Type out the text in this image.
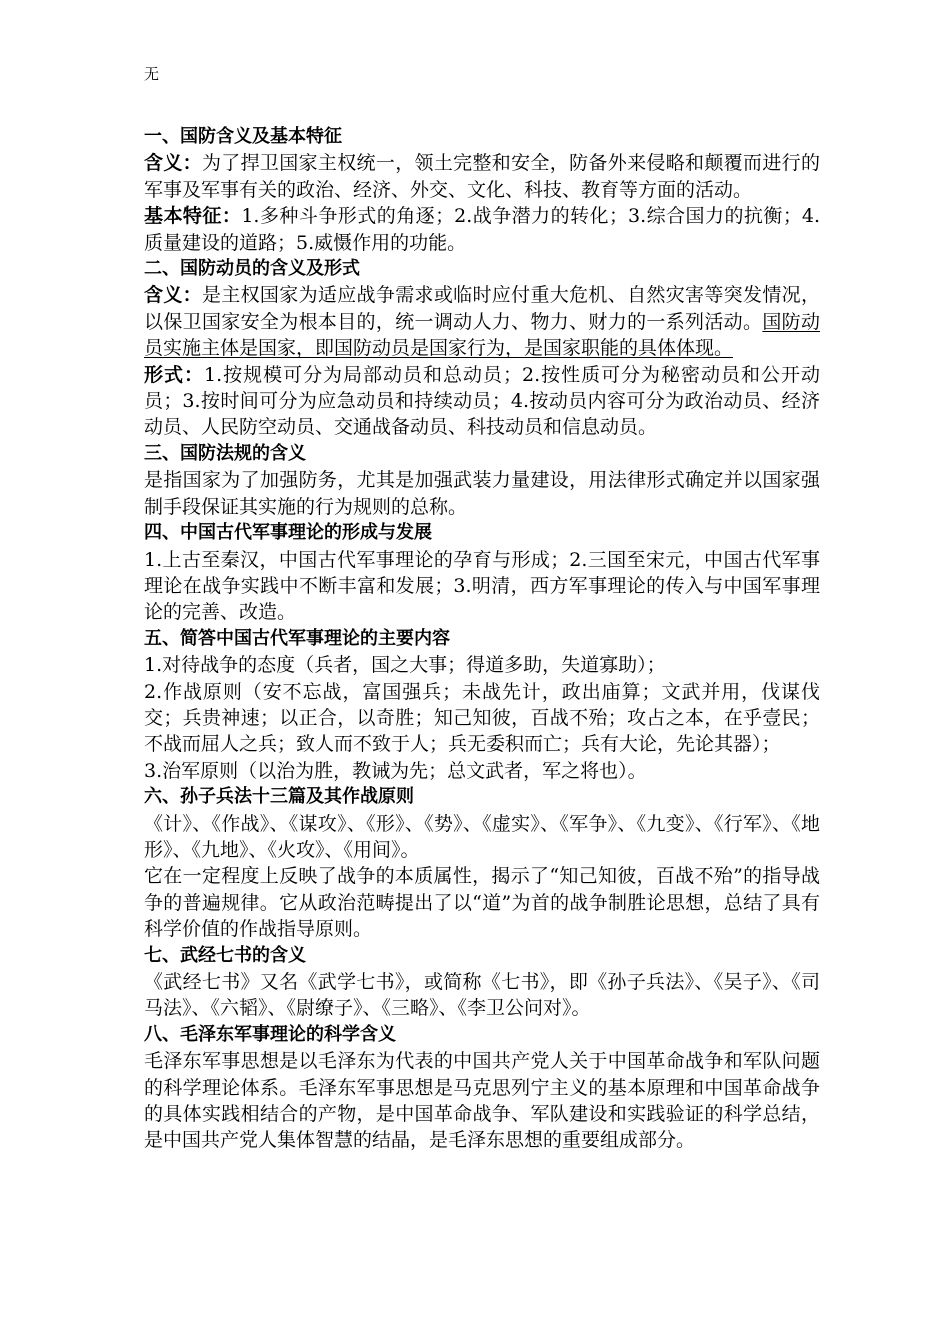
无
一、国防含义及基本特征

含义：为了捍卫国家主权统一，领土完整和安全，防备外来侵略和颠覆而进行的军事及军事有关的政治、经济、外交、文化、科技、教育等方面的活动。

基本特征：1.多种斗争形式的角逐；2.战争潜力的转化；3.综合国力的抗衡；4.质量建设的道路；5.威慑作用的功能。

二、国防动员的含义及形式

含义：是主权国家为适应战争需求或临时应付重大危机、自然灾害等突发情况，以保卫国家安全为根本目的，统一调动人力、物力、财力的一系列活动。国防动员实施主体是国家，即国防动员是国家行为，是国家职能的具体体现。

形式：1.按规模可分为局部动员和总动员；2.按性质可分为秘密动员和公开动员；3.按时间可分为应急动员和持续动员；4.按动员内容可分为政治动员、经济动员、人民防空动员、交通战备动员、科技动员和信息动员。

三、国防法规的含义

是指国家为了加强防务，尤其是加强武装力量建设，用法律形式确定并以国家强制手段保证其实施的行为规则的总称。

四、中国古代军事理论的形成与发展

1.上古至秦汉，中国古代军事理论的孕育与形成；2.三国至宋元，中国古代军事理论在战争实践中不断丰富和发展；3.明清，西方军事理论的传入与中国军事理论的完善、改造。

五、简答中国古代军事理论的主要内容

1.对待战争的态度（兵者，国之大事；得道多助，失道寡助）；

2.作战原则（安不忘战，富国强兵；未战先计，政出庙算；文武并用，伐谋伐交；兵贵神速；以正合，以奇胜；知己知彼，百战不殆；攻占之本，在乎壹民；不战而屈人之兵；致人而不致于人；兵无委积而亡；兵有大论，先论其器）；

3.治军原则（以治为胜，教诫为先；总文武者，军之将也）。

六、孙子兵法十三篇及其作战原则

《计》、《作战》、《谋攻》、《形》、《势》、《虚实》、《军争》、《九变》、《行军》、《地形》、《九地》、《火攻》、《用间》。

它在一定程度上反映了战争的本质属性，揭示了“知己知彼，百战不殆”的指导战争的普遍规律。它从政治范畴提出了以“道”为首的战争制胜论思想，总结了具有科学价值的作战指导原则。

七、武经七书的含义

《武经七书》又名《武学七书》，或简称《七书》，即《孙子兵法》、《吴子》、《司马法》、《六韬》、《尉缭子》、《三略》、《李卫公问对》。

八、毛泽东军事理论的科学含义

毛泽东军事思想是以毛泽东为代表的中国共产党人关于中国革命战争和军队问题的科学理论体系。毛泽东军事思想是马克思列宁主义的基本原理和中国革命战争的具体实践相结合的产物，是中国革命战争、军队建设和实践验证的科学总结，是中国共产党人集体智慧的结晶，是毛泽东思想的重要组成部分。
